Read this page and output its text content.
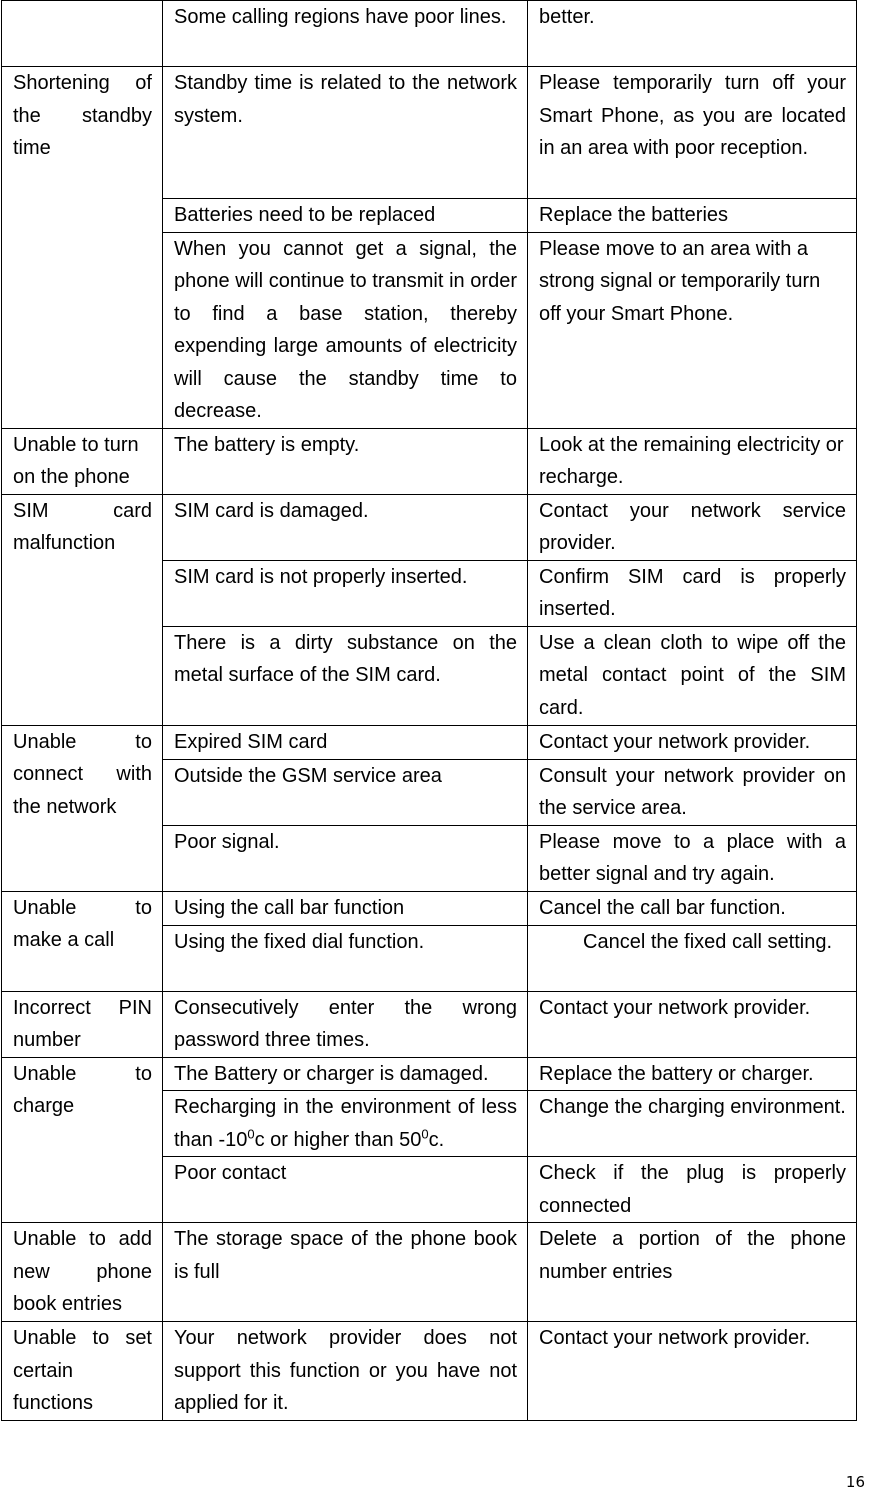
	Some calling regions have poor lines.	better.
Shortening of the standby time	Standby time is related to the network system.	Please temporarily turn off your Smart Phone, as you are located in an area with poor reception.
	Batteries need to be replaced	Replace the batteries
	When you cannot get a signal, the phone will continue to transmit in order to find a base station, thereby expending large amounts of electricity will cause the standby time to decrease.	Please move to an area with a strong signal or temporarily turn off your Smart Phone.
Unable to turn on the phone	The battery is empty.	Look at the remaining electricity or recharge.
SIM card malfunction	SIM card is damaged.	Contact your network service provider.
	SIM card is not properly inserted.	Confirm SIM card is properly inserted.
	There is a dirty substance on the metal surface of the SIM card.	Use a clean cloth to wipe off the metal contact point of the SIM card.
Unable to connect with the network	Expired SIM card	Contact your network provider.
	Outside the GSM service area	Consult your network provider on the service area.
	Poor signal.	Please move to a place with a better signal and try again.
Unable to make a call	Using the call bar function	Cancel the call bar function.
	Using the fixed dial function.	Cancel the fixed call setting.
Incorrect PIN number	Consecutively enter the wrong password three times.	Contact your network provider.
Unable to charge	The Battery or charger is damaged.	Replace the battery or charger.
	Recharging in the environment of less than $-10^0c$ or higher than $50^0c$.	Change the charging environment.
	Poor contact	Check if the plug is properly connected
Unable to add new phone book entries	The storage space of the phone book is full	Delete a portion of the phone number entries
Unable to set certain functions	Your network provider does not support this function or you have not applied for it.	Contact your network provider.
16
